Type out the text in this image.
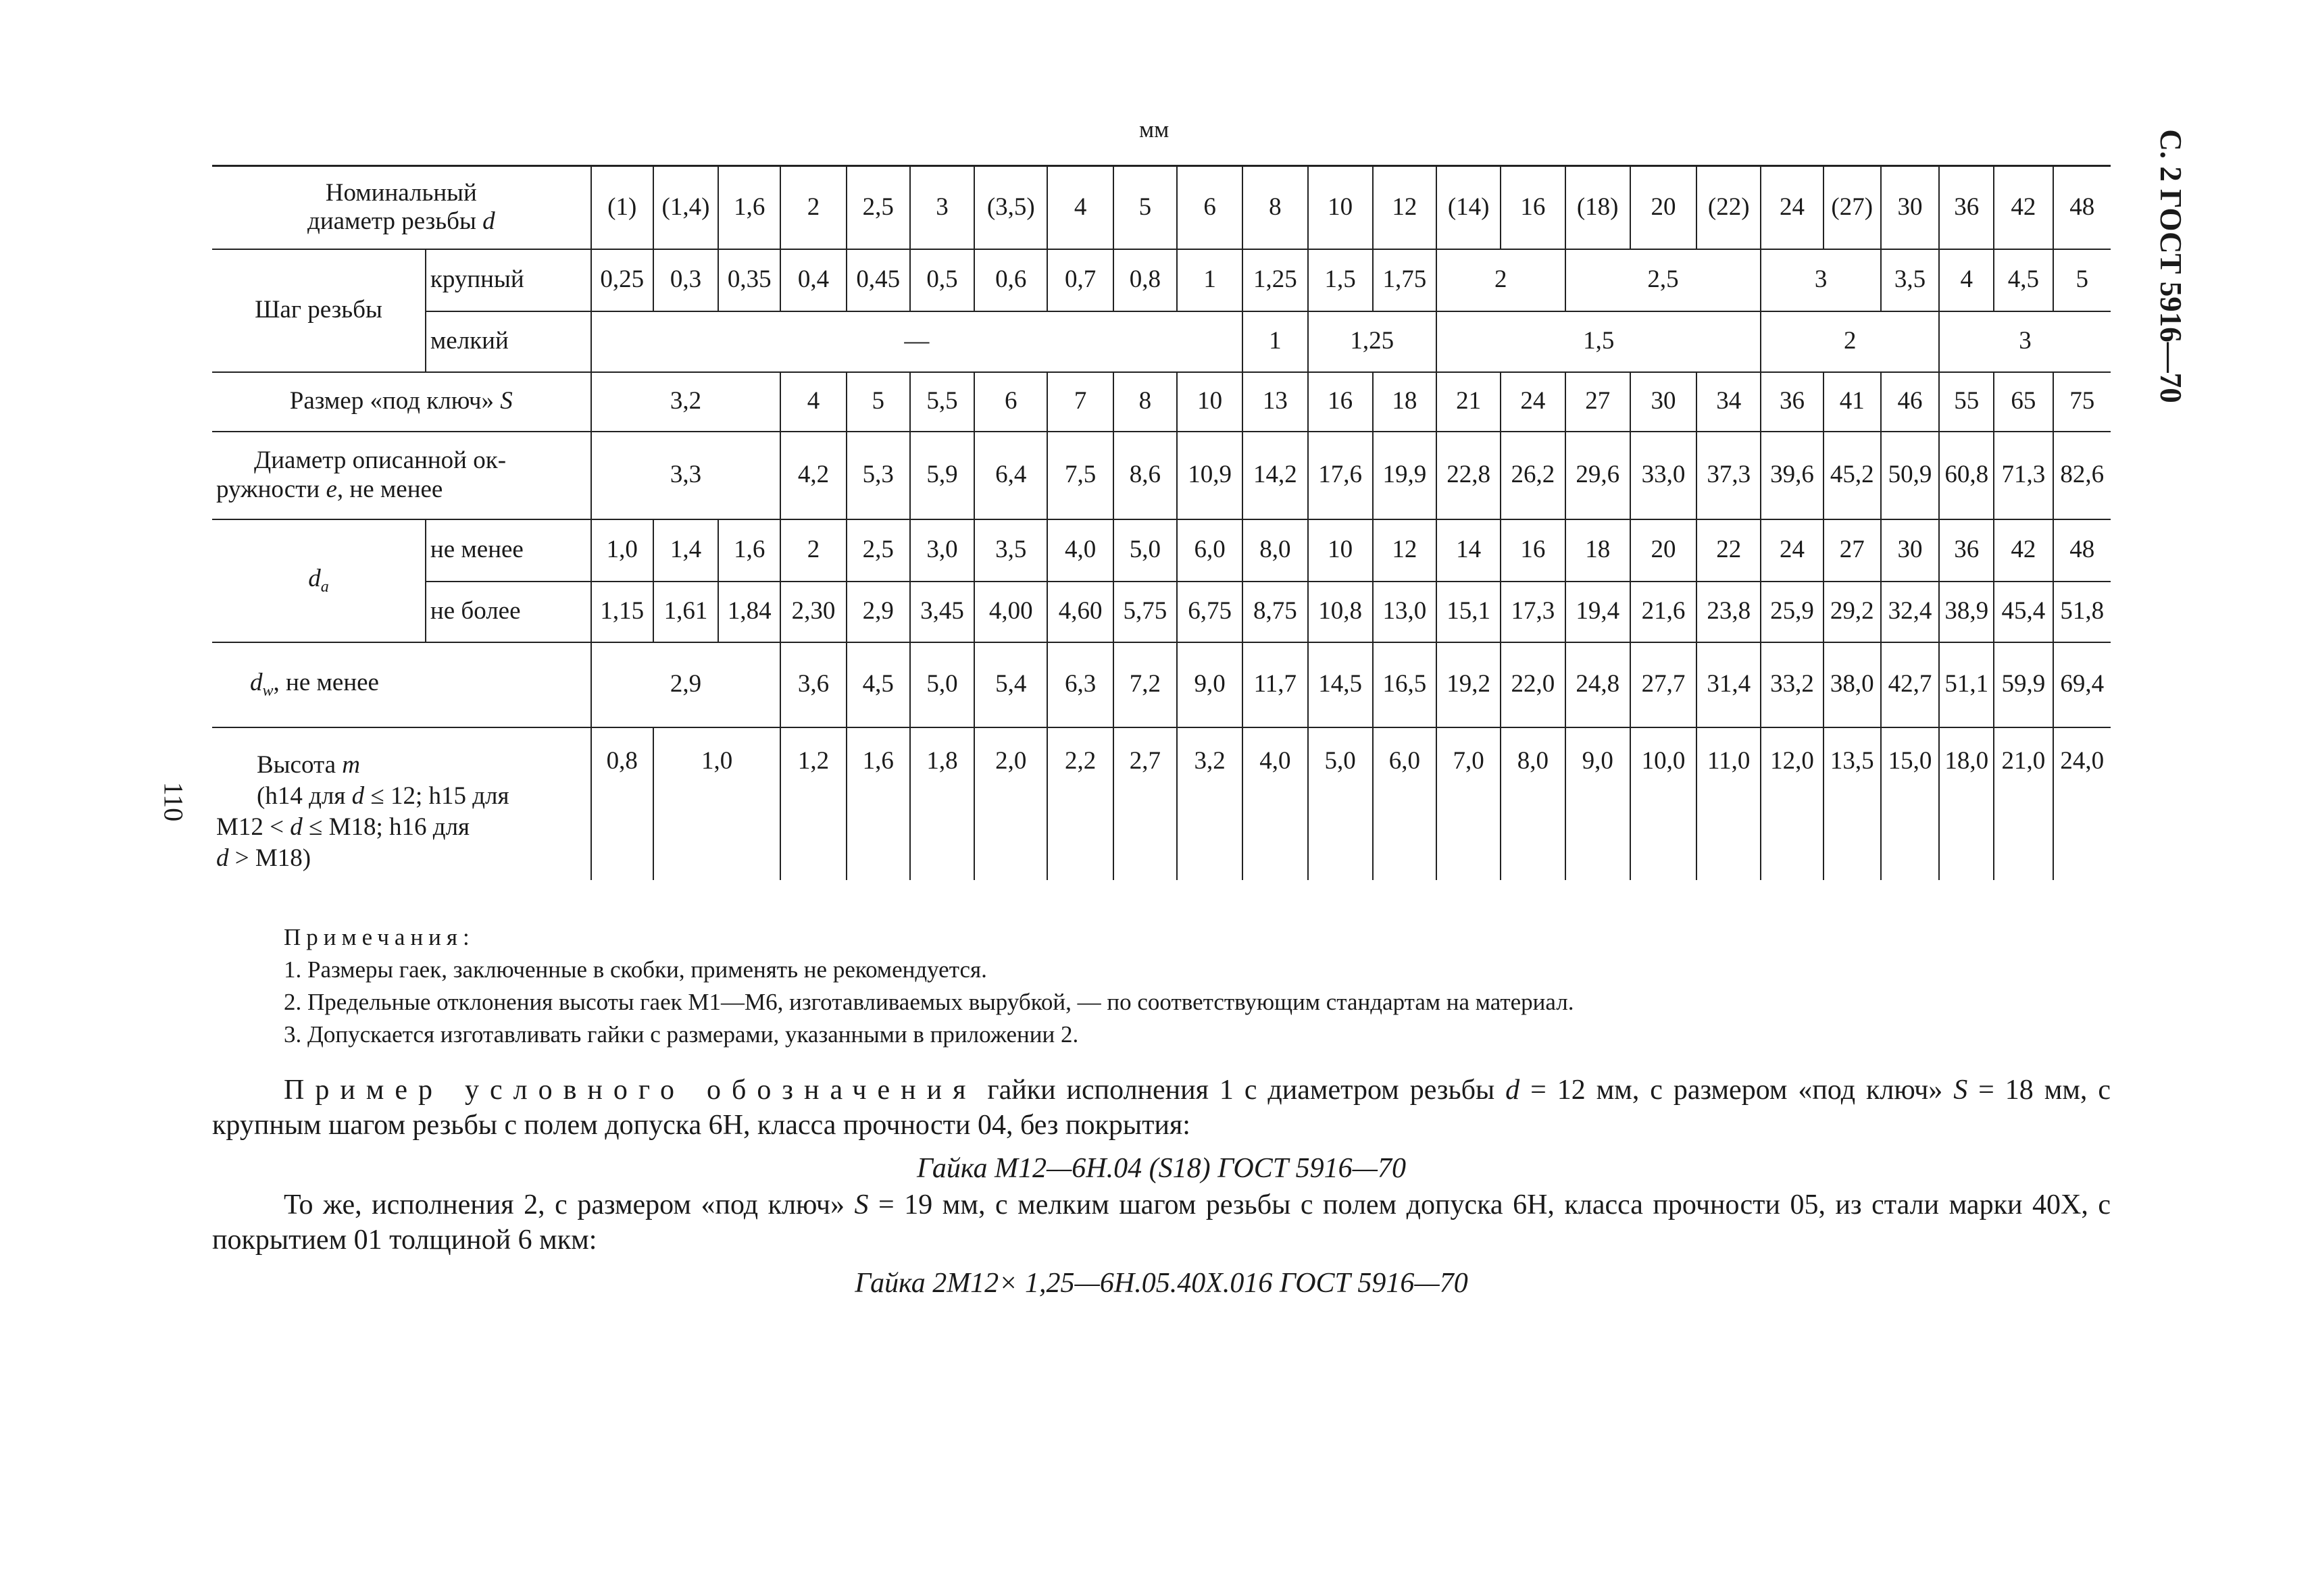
мм	С. 2 ГОСТ 5916—70
110
Номинальный
диаметр резьбы d		(1)	(1,4)	1,6	2	2,5	3	(3,5)	4	5	6	8	10	12	(14)	16	(18)	20	(22)	24	(27)	30	36	42	48
Шаг резьбы	крупный	0,25	0,3	0,35	0,4	0,45	0,5	0,6	0,7	0,8	1	1,25	1,5	1,75	2		2,5			3		3,5	4	4,5	5
	мелкий	—										1	1,25		1,5					2			3		
Размер «под ключ» S		3,2			4	5	5,5	6	7	8	10	13	16	18	21	24	27	30	34	36	41	46	55	65	75

Диаметр описанной ок-
ружности e, не менее		3,3			4,2	5,3	5,9	6,4	7,5	8,6	10,9	14,2	17,6	19,9	22,8	26,2	29,6	33,0	37,3	39,6	45,2	50,9	60,8	71,3	82,6
$d_a$	не менее	1,0	1,4	1,6	2	2,5	3,0	3,5	4,0	5,0	6,0	8,0	10	12	14	16	18	20	22	24	27	30	36	42	48
	не более	1,15	1,61	1,84	2,30	2,9	3,45	4,00	4,60	5,75	6,75	8,75	10,8	13,0	15,1	17,3	19,4	21,6	23,8	25,9	29,2	32,4	38,9	45,4	51,8
$d_w$, не менее		2,9			3,6	4,5	5,0	5,4	6,3	7,2	9,0	11,7	14,5	16,5	19,2	22,0	24,8	27,7	31,4	33,2	38,0	42,7	51,1	59,9	69,4

Высота m
(h14 для d ≤ 12; h15 для
М12 < d ≤ М18; h16 для
d > М18)		0,8	1,0		1,2	1,6	1,8	2,0	2,2	2,7	3,2	4,0	5,0	6,0	7,0	8,0	9,0	10,0	11,0	12,0	13,5	15,0	18,0	21,0	24,0
Примечания:
1. Размеры гаек, заключенные в скобки, применять не рекомендуется.
2. Предельные отклонения высоты гаек М1—М6, изготавливаемых вырубкой, — по соответствующим стандартам на материал.
3. Допускается изготавливать гайки с размерами, указанными в приложении 2.
Пример условного обозначения гайки исполнения 1 с диаметром резьбы d = 12 мм, с размером «под ключ» S = 18 мм, с крупным шагом резьбы с полем допуска 6Н, класса прочности 04, без покрытия:
Гайка М12—6Н.04 (S18) ГОСТ 5916—70
То же, исполнения 2, с размером «под ключ» S = 19 мм, с мелким шагом резьбы с полем допуска 6Н, класса прочности 05, из стали марки 40Х, с покрытием 01 толщиной 6 мкм:
Гайка 2М12× 1,25—6Н.05.40Х.016 ГОСТ 5916—70
